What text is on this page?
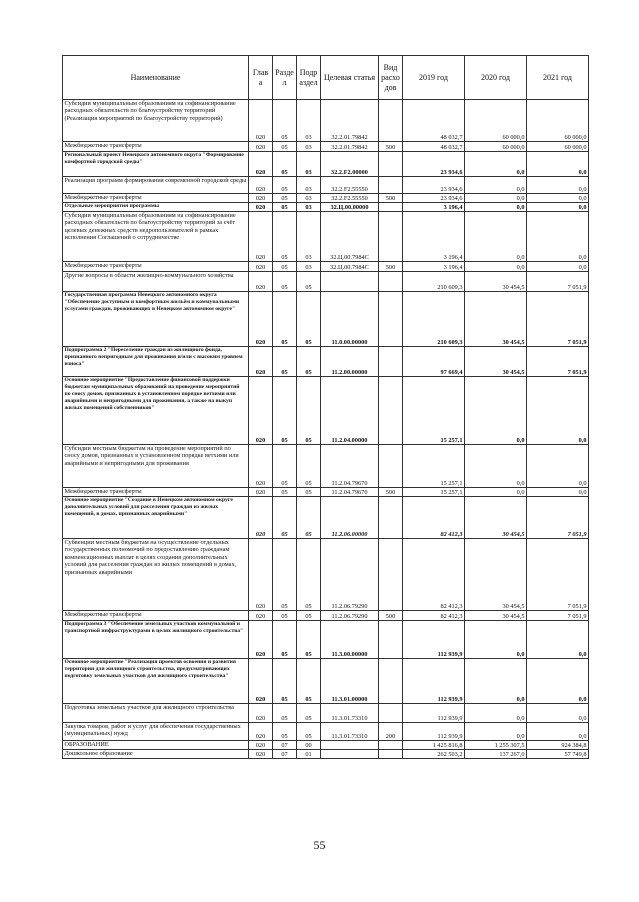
Наименование	Глав а	Разде л	Подр аздел	Целевая статья	Вид расхо дов	2019 год	2020 год	2021 год
Субсидии муниципальным образованиям на софинансирование расходных обязательств по благоустройству территорий (Реализация мероприятий по благоустройству территорий)	020	05	03	32.2.01.79842		48 032,7	60 000,0	60 000,0
Межбюджетные трансферты	020	05	03	32.2.01.79842	500	48 032,7	60 000,0	60 000,0
Региональный проект Ненецкого автономного округа "Формирование комфортной городской среды"	020	05	03	32.2.F2.00000		23 934,6	0,0	0,0
Реализация программ формирования современной городской среды	020	05	03	32.2.F2.55550		23 934,6	0,0	0,0
Межбюджетные трансферты	020	05	03	32.2.F2.55550	500	23 934,6	0,0	0,0
Отдельные мероприятия программы	020	05	03	32.Ц.00.00000		3 196,4	0,0	0,0
Субсидии муниципальным образованиям на софинансирование расходных обязательств по благоустройству территорий за счёт целевых денежных средств недропользователей в рамках исполнения Соглашений о сотрудничестве	020	05	03	32.Ц.00.7984С		3 196,4	0,0	0,0
Межбюджетные трансферты	020	05	03	32.Ц.00.7984С	500	3 196,4	0,0	0,0
Другие вопросы в области жилищно-коммунального хозяйства	020	05	05			210 609,3	30 454,5	7 051,9
Государственная программа Ненецкого автономного округа "Обеспечение доступным и комфортным жильём и коммунальными услугами граждан, проживающих в Ненецком автономном округе"	020	05	05	11.0.00.00000		210 609,3	30 454,5	7 051,9
Подпрограмма 2 "Переселение граждан из жилищного фонда, признанного непригодным для проживания и/или с высоким уровнем износа"	020	05	05	11.2.00.00000		97 669,4	30 454,5	7 051,9
Основное мероприятие "Предоставление финансовой поддержки бюджетам муниципальных образований на проведение мероприятий по сносу домов, признанных в установленном порядке ветхими или аварийными и непригодными для проживания, а также на выкуп жилых помещений собственников"	020	05	05	11.2.04.00000		15 257,1	0,0	0,0
Субсидии местным бюджетам на проведение мероприятий по сносу домов, признанных в установленном порядке ветхими или аварийными и непригодными для проживания	020	05	05	11.2.04.79670		15 257,1	0,0	0,0
Межбюджетные трансферты	020	05	05	11.2.04.79670	500	15 257,1	0,0	0,0
Основное мероприятие "Создание в Ненецком автономном округе дополнительных условий для расселения граждан из жилых помещений, в домах, признанных аварийными"	020	05	05	11.2.06.00000		82 412,3	30 454,5	7 051,9
Субвенции местным бюджетам на осуществление отдельных государственных полномочий по предоставлению гражданам компенсационных выплат в целях создания дополнительных условий для расселения граждан из жилых помещений в домах, признанных аварийными	020	05	05	11.2.06.79290		82 412,3	30 454,5	7 051,9
Межбюджетные трансферты	020	05	05	11.2.06.79290	500	82 412,3	30 454,5	7 051,9
Подпрограмма 3 "Обеспечение земельных участков коммунальной и транспортной инфраструктурами в целях жилищного строительства"	020	05	05	11.3.00.00000		112 939,9	0,0	0,0
Основное мероприятие "Реализация проектов освоения и развития территории для жилищного строительства, предусматривающих подготовку земельных участков для жилищного строительства"	020	05	05	11.3.01.00000		112 939,9	0,0	0,0
Подготовка земельных участков для жилищного строительства	020	05	05	11.3.01.73310		112 939,9	0,0	0,0
Закупка товаров, работ и услуг для обеспечения государственных (муниципальных) нужд	020	05	05	11.3.01.73310	200	112 939,9	0,0	0,0
ОБРАЗОВАНИЕ	020	07	00			1 425 816,8	1 255 307,5	924 384,8
Дошкольное образование	020	07	01			262 503,2	137 267,0	57 749,8
55
